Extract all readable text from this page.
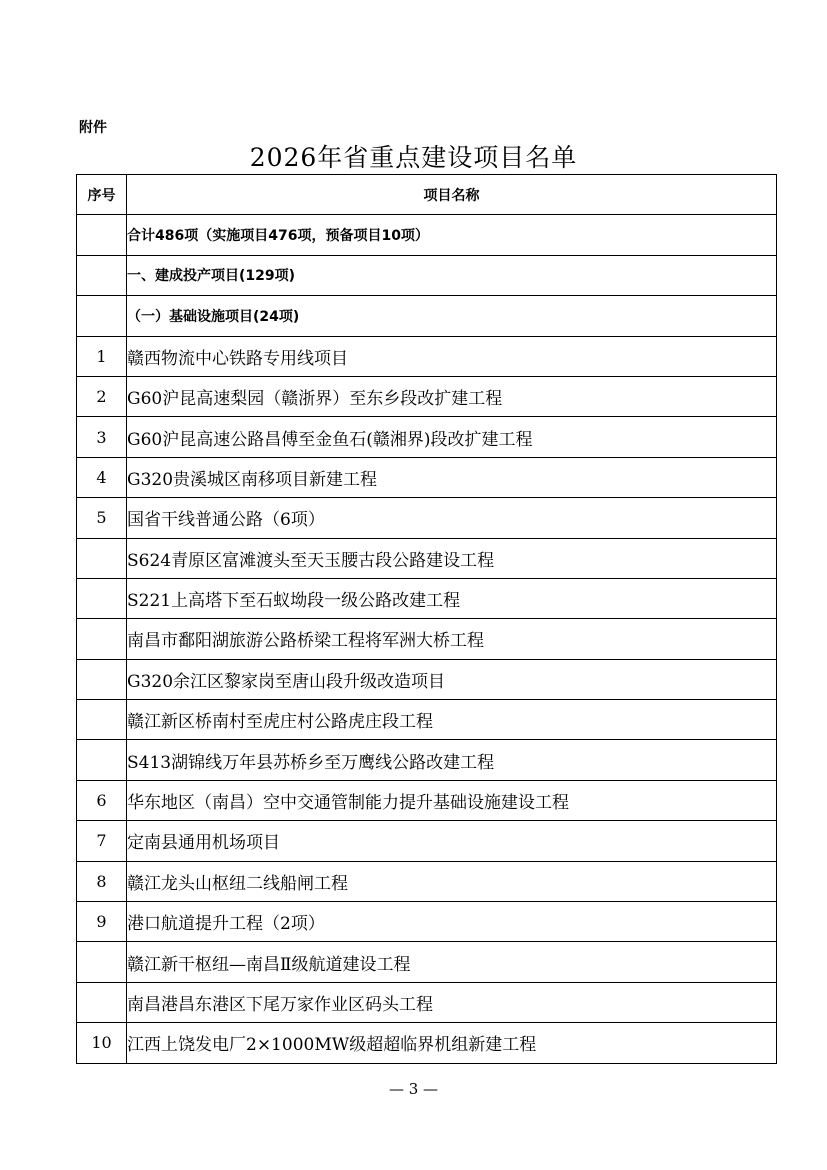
附件
2026年省重点建设项目名单
序号	项目名称
	合计486项（实施项目476项，预备项目10项）
	一、建成投产项目(129项)
	（一）基础设施项目(24项)
1	赣西物流中心铁路专用线项目
2	G60沪昆高速梨园（赣浙界）至东乡段改扩建工程
3	G60沪昆高速公路昌傅至金鱼石(赣湘界)段改扩建工程
4	G320贵溪城区南移项目新建工程
5	国省干线普通公路（6项）
	S624青原区富滩渡头至天玉腰古段公路建设工程
	S221上高塔下至石蚁坳段一级公路改建工程
	南昌市鄱阳湖旅游公路桥梁工程将军洲大桥工程
	G320余江区黎家岗至唐山段升级改造项目
	赣江新区桥南村至虎庄村公路虎庄段工程
	S413湖锦线万年县苏桥乡至万鹰线公路改建工程
6	华东地区（南昌）空中交通管制能力提升基础设施建设工程
7	定南县通用机场项目
8	赣江龙头山枢纽二线船闸工程
9	港口航道提升工程（2项）
	赣江新干枢纽—南昌Ⅱ级航道建设工程
	南昌港昌东港区下尾万家作业区码头工程
10	江西上饶发电厂2×1000MW级超超临界机组新建工程
— 3 —
